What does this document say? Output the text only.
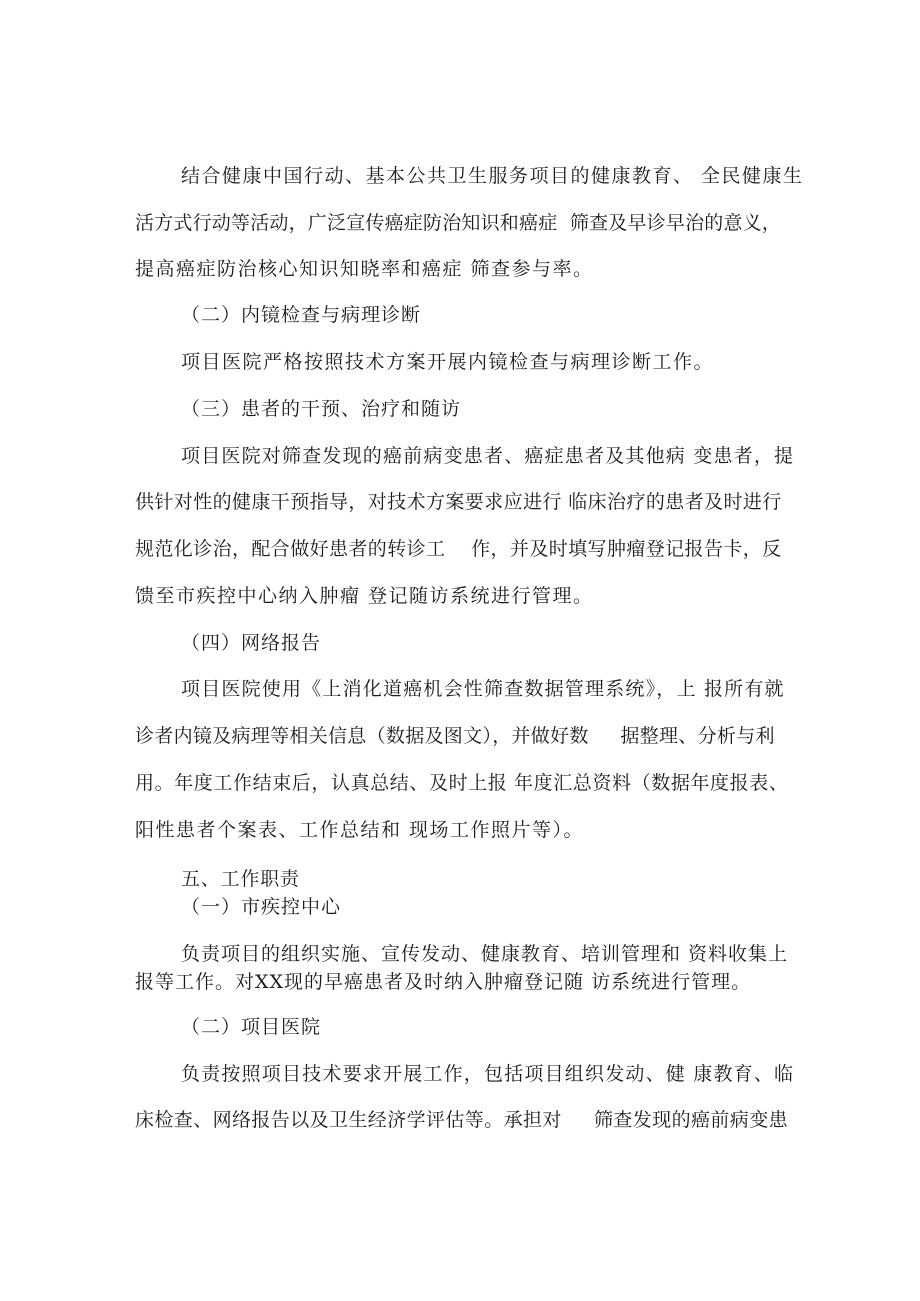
结合健康中国行动、基本公共卫生服务项目的健康教育、 全民健康生
活方式行动等活动，广泛宣传癌症防治知识和癌症  筛查及早诊早治的意义，
提高癌症防治核心知识知晓率和癌症 筛查参与率。
（二）内镜检查与病理诊断
项目医院严格按照技术方案开展内镜检查与病理诊断工作。
（三）患者的干预、治疗和随访
项目医院对筛查发现的癌前病变患者、癌症患者及其他病 变患者，提
供针对性的健康干预指导，对技术方案要求应进行 临床治疗的患者及时进行
规范化诊治，配合做好患者的转诊工    作，并及时填写肿瘤登记报告卡，反
馈至市疾控中心纳入肿瘤 登记随访系统进行管理。
（四）网络报告
项目医院使用《上消化道癌机会性筛查数据管理系统》，上 报所有就
诊者内镜及病理等相关信息（数据及图文），并做好数     据整理、分析与利
用。年度工作结束后，认真总结、及时上报 年度汇总资料（数据年度报表、
阳性患者个案表、工作总结和 现场工作照片等）。
五、工作职责
（一）市疾控中心
负责项目的组织实施、宣传发动、健康教育、培训管理和 资料收集上
报等工作。对XX现的早癌患者及时纳入肿瘤登记随 访系统进行管理。
（二）项目医院
负责按照项目技术要求开展工作，包括项目组织发动、健 康教育、临
床检查、网络报告以及卫生经济学评估等。承担对     筛查发现的癌前病变患
